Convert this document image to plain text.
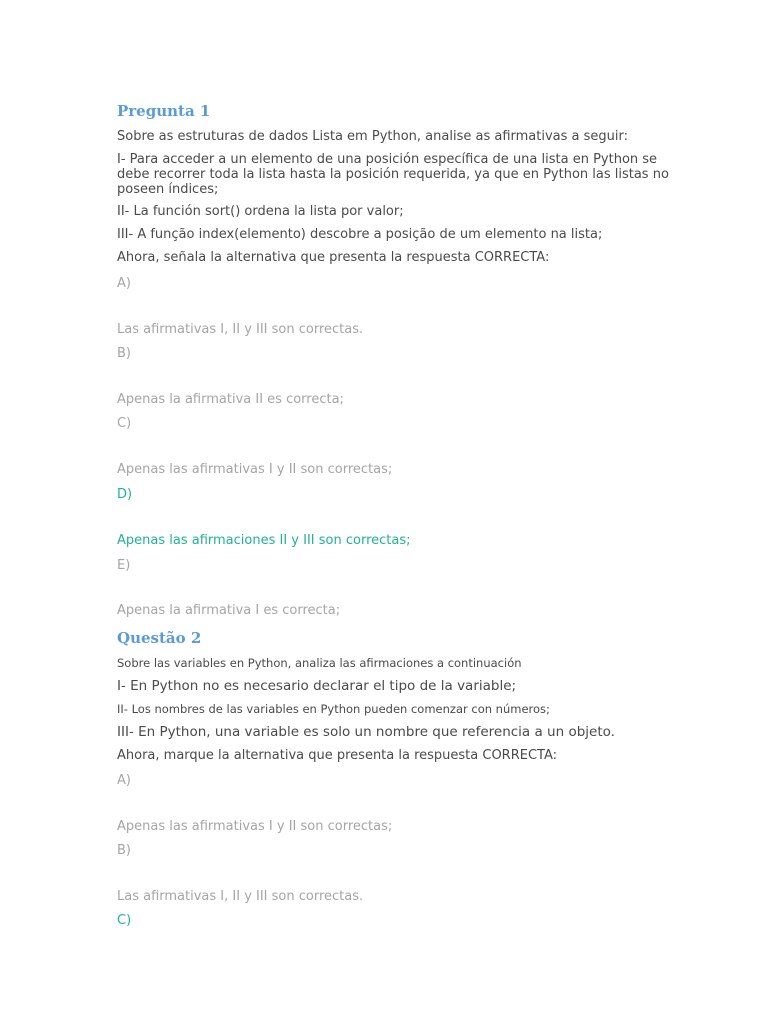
Pregunta 1
Sobre as estruturas de dados Lista em Python, analise as afirmativas a seguir:
I- Para acceder a un elemento de una posición específica de una lista en Python se debe recorrer toda la lista hasta la posición requerida, ya que en Python las listas no poseen índices;
II- La función sort() ordena la lista por valor;
III- A função index(elemento) descobre a posição de um elemento na lista;
Ahora, señala la alternativa que presenta la respuesta CORRECTA:
A)
Las afirmativas I, II y III son correctas.
B)
Apenas la afirmativa II es correcta;
C)
Apenas las afirmativas I y II son correctas;
D)
Apenas las afirmaciones II y III son correctas;
E)
Apenas la afirmativa I es correcta;
Questão 2
Sobre las variables en Python, analiza las afirmaciones a continuación
I- En Python no es necesario declarar el tipo de la variable;
II- Los nombres de las variables en Python pueden comenzar con números;
III- En Python, una variable es solo un nombre que referencia a un objeto.
Ahora, marque la alternativa que presenta la respuesta CORRECTA:
A)
Apenas las afirmativas I y II son correctas;
B)
Las afirmativas I, II y III son correctas.
C)
